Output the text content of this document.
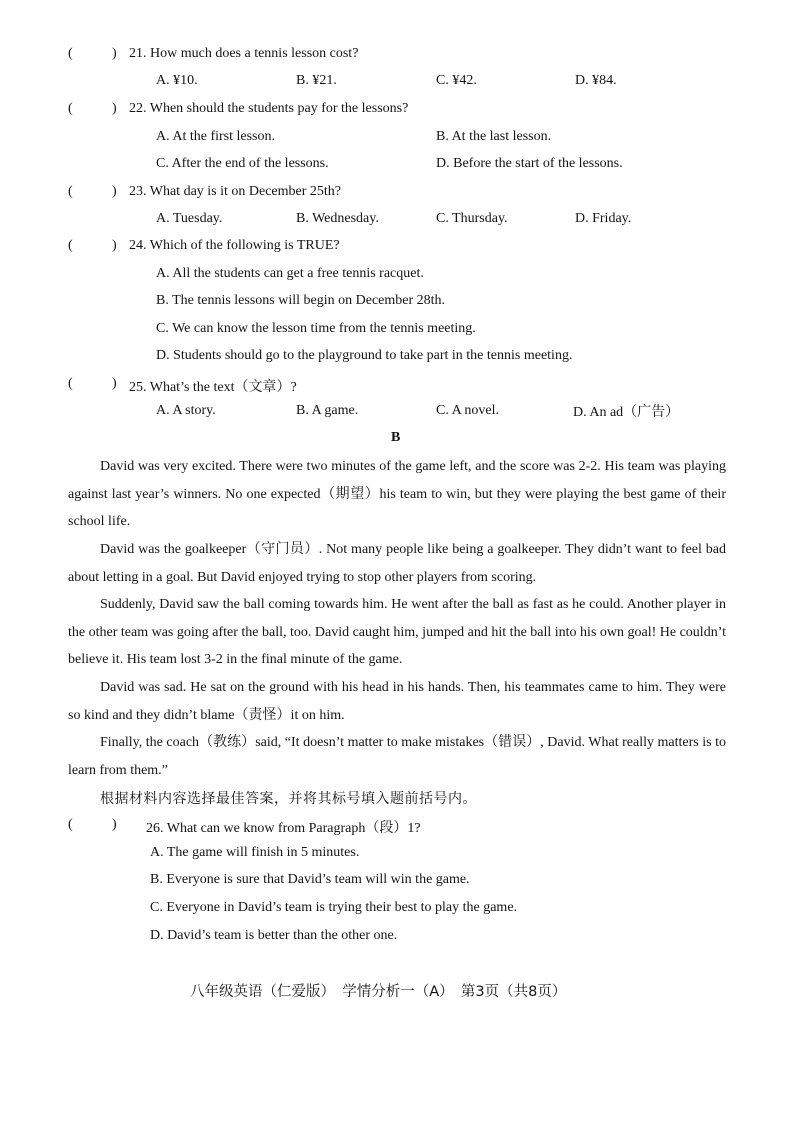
(	) 21. How much does a tennis lesson cost?
A. ¥10.	B. ¥21.	C. ¥42.	D. ¥84.
(	) 22. When should the students pay for the lessons?
A. At the first lesson.	B. At the last lesson.
C. After the end of the lessons.	D. Before the start of the lessons.
(	) 23. What day is it on December 25th?
A. Tuesday.	B. Wednesday.	C. Thursday.	D. Friday.
(	) 24. Which of the following is TRUE?
A. All the students can get a free tennis racquet.
B. The tennis lessons will begin on December 28th.
C. We can know the lesson time from the tennis meeting.
D. Students should go to the playground to take part in the tennis meeting.
(	) 25. What’s the text（文章）?
A. A story.	B. A game.	C. A novel.	D. An ad（广告）
B
David was very excited. There were two minutes of the game left, and the score was 2-2. His team was playing against last year’s winners. No one expected（期望）his team to win, but they were playing the best game of their school life.
David was the goalkeeper（守门员）. Not many people like being a goalkeeper. They didn’t want to feel bad about letting in a goal. But David enjoyed trying to stop other players from scoring.
Suddenly, David saw the ball coming towards him. He went after the ball as fast as he could. Another player in the other team was going after the ball, too. David caught him, jumped and hit the ball into his own goal! He couldn’t believe it. His team lost 3-2 in the final minute of the game.
David was sad. He sat on the ground with his head in his hands. Then, his teammates came to him. They were so kind and they didn’t blame（责怪）it on him.
Finally, the coach（教练）said, “It doesn’t matter to make mistakes（错误）, David. What really matters is to learn from them.”
根据材料内容选择最佳答案，并将其标号填入题前括号内。
(	) 26. What can we know from Paragraph（段）1?
A. The game will finish in 5 minutes.
B. Everyone is sure that David’s team will win the game.
C. Everyone in David’s team is trying their best to play the game.
D. David’s team is better than the other one.
八年级英语（仁爱版）　学情分析一（A）　第3页（共8页）
